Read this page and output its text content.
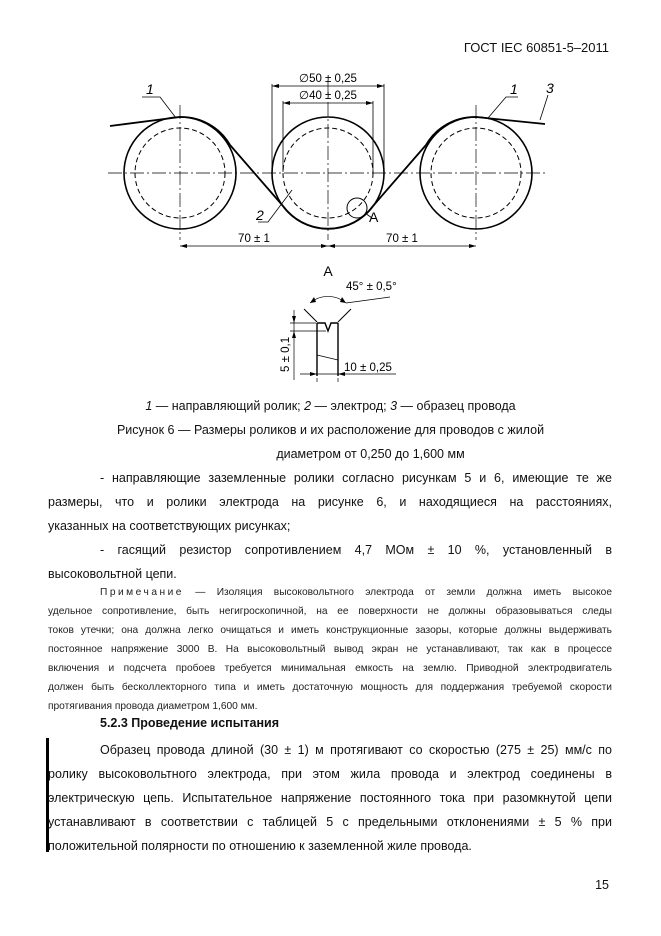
ГОСТ IEC 60851-5–2011
1	1 3
2	A
∅50 ± 0,25
∅40 ± 0,25
70 ± 1	70 ± 1
А
45° ± 0,5°
10 ± 0,25
5 ± 0,1
1 — направляющий ролик; 2 — электрод; 3 — образец провода
Рисунок 6 — Размеры роликов и их расположение для проводов с жилой
диаметром от 0,250 до 1,600 мм
- направляющие заземленные ролики согласно рисункам 5 и 6, имеющие те же
размеры, что и ролики электрода на рисунке 6, и находящиеся на расстояниях,
указанных на соответствующих рисунках;
- гасящий резистор сопротивлением 4,7 МОм ± 10 %, установленный в
высоковольтной цепи.
Примечание — Изоляция высоковольтного электрода от земли должна иметь высокое
удельное сопротивление, быть негигроскопичной, на ее поверхности не должны образовываться следы
токов утечки; она должна легко очищаться и иметь конструкционные зазоры, которые должны выдерживать
постоянное напряжение 3000 В. На высоковольтный вывод экран не устанавливают, так как в процессе
включения и подсчета пробоев требуется минимальная емкость на землю. Приводной электродвигатель
должен быть бесколлекторного типа и иметь достаточную мощность для поддержания требуемой скорости
протягивания провода диаметром 1,600 мм.
5.2.3 Проведение испытания
Образец провода длиной (30 ± 1) м протягивают со скоростью (275 ± 25) мм/с по
ролику высоковольтного электрода, при этом жила провода и электрод соединены в
электрическую цепь. Испытательное напряжение постоянного тока при разомкнутой цепи
устанавливают в соответствии с таблицей 5 с предельными отклонениями ± 5 % при
положительной полярности по отношению к заземленной жиле провода.
15
